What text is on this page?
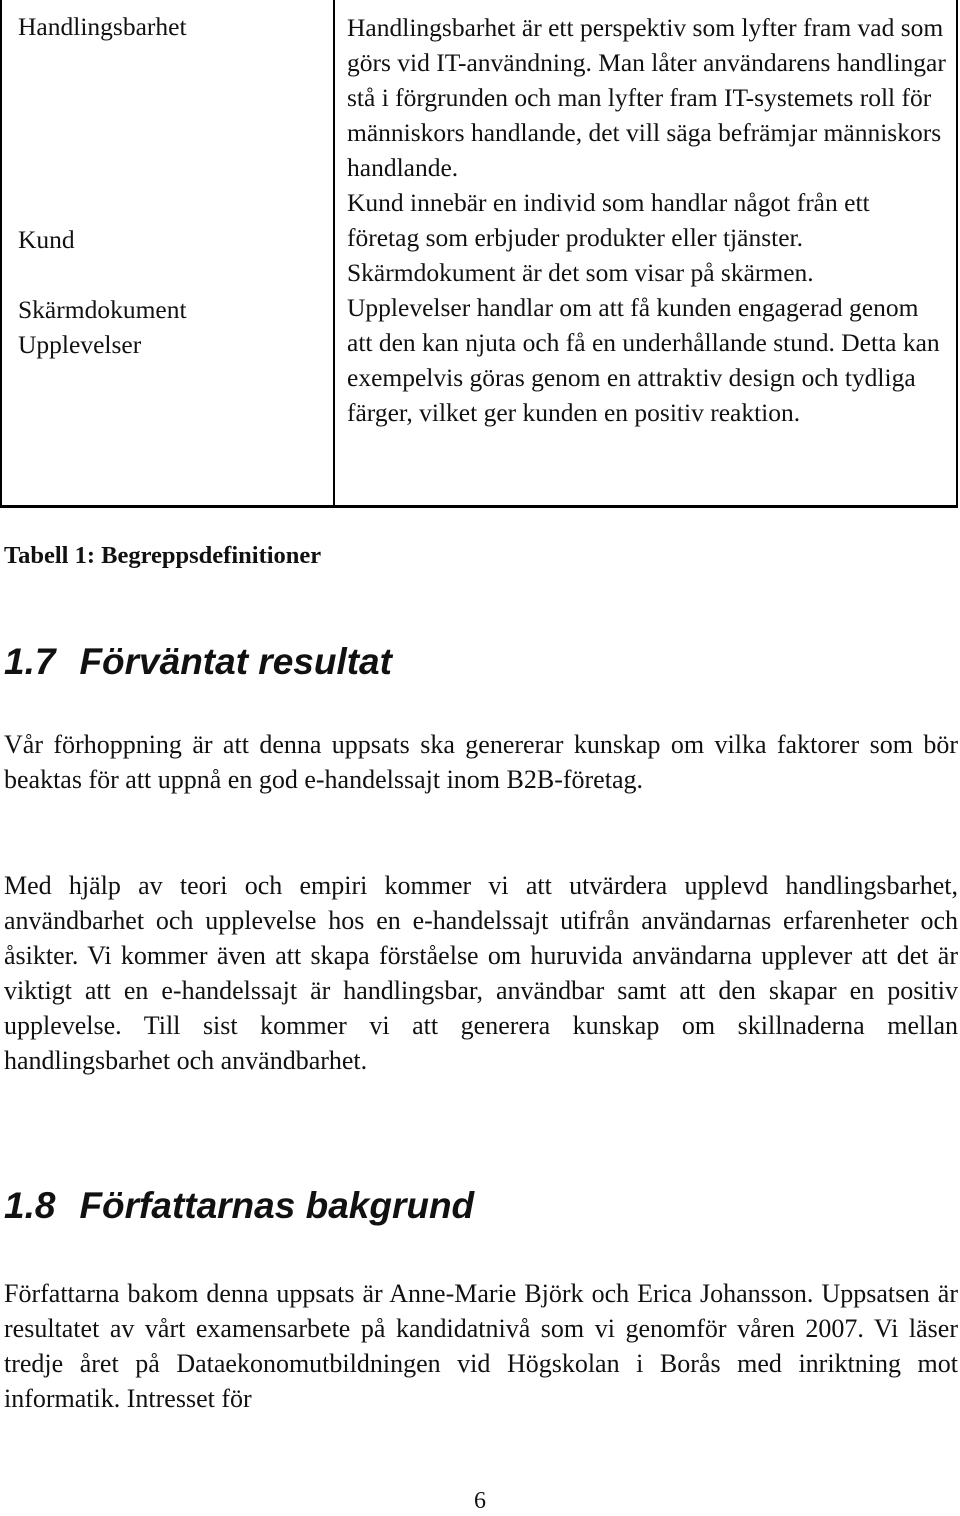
Handlingsbarhet

Kund

Skärmdokument

Upplevelser

Handlingsbarhet är ett perspektiv som lyfter fram vad som görs vid IT-användning. Man låter användarens handlingar stå i förgrunden och man lyfter fram IT-systemets roll för människors handlande, det vill säga befrämjar människors handlande.

Kund innebär en individ som handlar något från ett företag som erbjuder produkter eller tjänster.

Skärmdokument är det som visar på skärmen.

Upplevelser handlar om att få kunden engagerad genom att den kan njuta och få en underhållande stund. Detta kan exempelvis göras genom en attraktiv design och tydliga färger, vilket ger kunden en positiv reaktion.

Tabell 1: Begreppsdefinitioner

1.7 Förväntat resultat

Vår förhoppning är att denna uppsats ska genererar kunskap om vilka faktorer som bör beaktas för att uppnå en god e-handelssajt inom B2B-företag.

Med hjälp av teori och empiri kommer vi att utvärdera upplevd handlingsbarhet, användbarhet och upplevelse hos en e-handelssajt utifrån användarnas erfarenheter och åsikter. Vi kommer även att skapa förståelse om huruvida användarna upplever att det är viktigt att en e-handelssajt är handlingsbar, användbar samt att den skapar en positiv upplevelse. Till sist kommer vi att generera kunskap om skillnaderna mellan handlingsbarhet och användbarhet.

1.8 Författarnas bakgrund

Författarna bakom denna uppsats är Anne-Marie Björk och Erica Johansson. Uppsatsen är resultatet av vårt examensarbete på kandidatnivå som vi genomför våren 2007. Vi läser tredje året på Dataekonomutbildningen vid Högskolan i Borås med inriktning mot informatik. Intresset för

6
